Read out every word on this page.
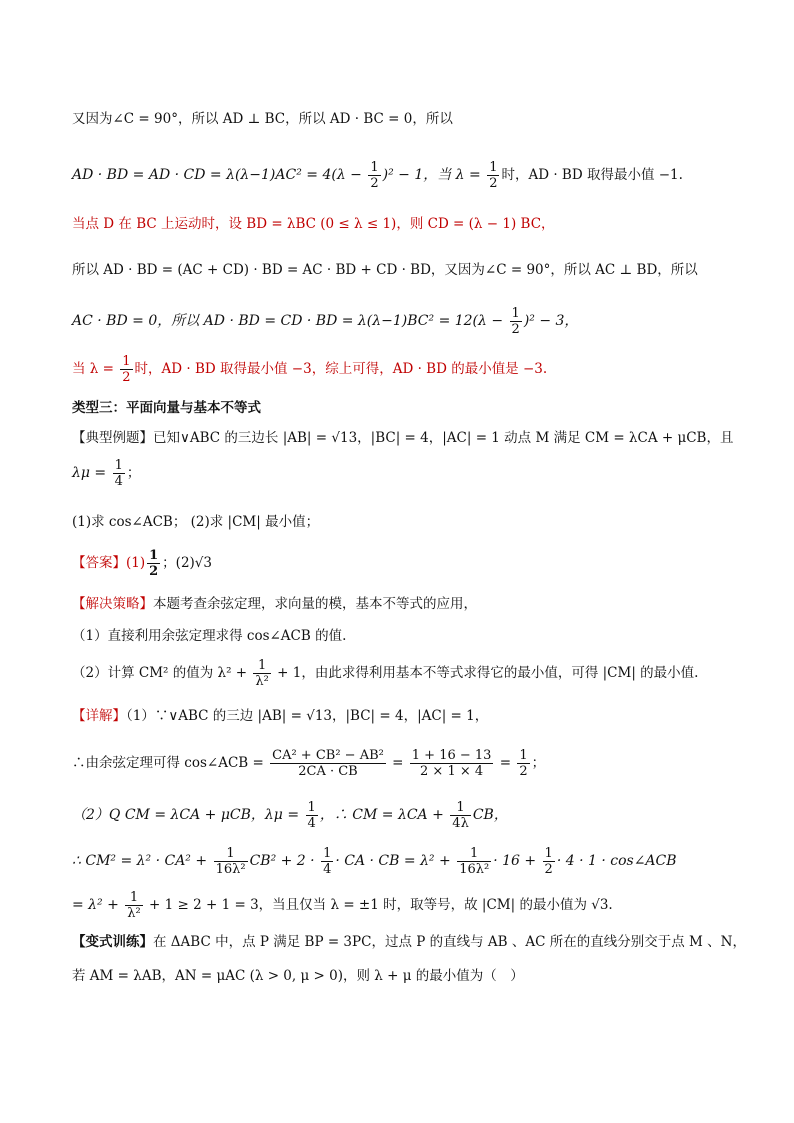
又因为∠C = 90°，所以 AD ⊥ BC，所以 AD · BC = 0，所以
AD · BD = AD · CD = $\lambda(\lambda-1)AC^2 = 4(\lambda - \frac{1}{2} )^2 - 1$，当 $\lambda = \frac{1}{2}$ 时，AD · BD 取得最小值 −1.
当点 D 在 BC 上运动时，设 BD = λBC (0 ≤ λ ≤ 1)，则 CD = (λ − 1) BC，
所以 AD · BD = (AC + CD) · BD = AC · BD + CD · BD，又因为∠C = 90°，所以 AC ⊥ BD，所以
AC · BD = 0，所以 AD · BD = CD · BD = $\lambda(\lambda-1)BC^2 = 12(\lambda - \frac{1}{2} )^2 - 3$，
当 $\lambda = \frac{1}{2}$ 时，AD · BD 取得最小值 −3，综上可得，AD · BD 的最小值是 −3.
类型三：平面向量与基本不等式
【典型例题】已知∨ABC 的三边长 |AB| = √13，|BC| = 4，|AC| = 1 动点 M 满足 CM = λCA + μCB，且
$\lambda\mu = \frac{1}{4}$ ；
(1)求 cos∠ACB； (2)求 |CM| 最小值；
【答案】$(1) \frac{1}{2}$ ；(2)√3
【解决策略】本题考查余弦定理，求向量的模，基本不等式的应用，
（1）直接利用余弦定理求得 cos∠ACB 的值.
（2）计算 CM² 的值为 $\lambda^2 + \frac{1}{\text{λ²}} + 1$，由此求得利用基本不等式求得它的最小值，可得 |CM| 的最小值.
【详解】（1）∵∨ABC 的三边 |AB| = √13，|BC| = 4，|AC| = 1，
∴由余弦定理可得 cos∠ACB = $\frac{\text{CA² + CB² − AB²}}{2CA \cdot CB} = \frac{1 + 16 - 13}{2 \times 1 \times 4} = \frac{1}{2}$ ；
（2）Q CM = λCA + μCB，$\lambda\mu = \frac{1}{4}$ ，∴ CM = $\lambda CA + \frac{1}{4\lambda}$ CB，
∴ $CM^2 = \lambda^2 \cdot CA^2 + \frac{1}{\text{16λ²}} CB^2 + 2 \cdot \frac{1}{4}$ · CA · CB = $\lambda^2 + \frac{1}{\text{16λ²}} \cdot 16 + \frac{1}{2} \cdot 4 \cdot 1$ · cos∠ACB
= $\lambda^2 + \frac{1}{\text{λ²}} + 1 \ge 2 + 1 = 3$，当且仅当 λ = ±1 时，取等号，故 |CM| 的最小值为 √3.
【变式训练】在 ΔABC 中，点 P 满足 BP = 3PC，过点 P 的直线与 AB 、AC 所在的直线分别交于点 M 、N，
若 AM = λAB，AN = μAC (λ > 0, μ > 0)，则 λ + μ 的最小值为（　）
